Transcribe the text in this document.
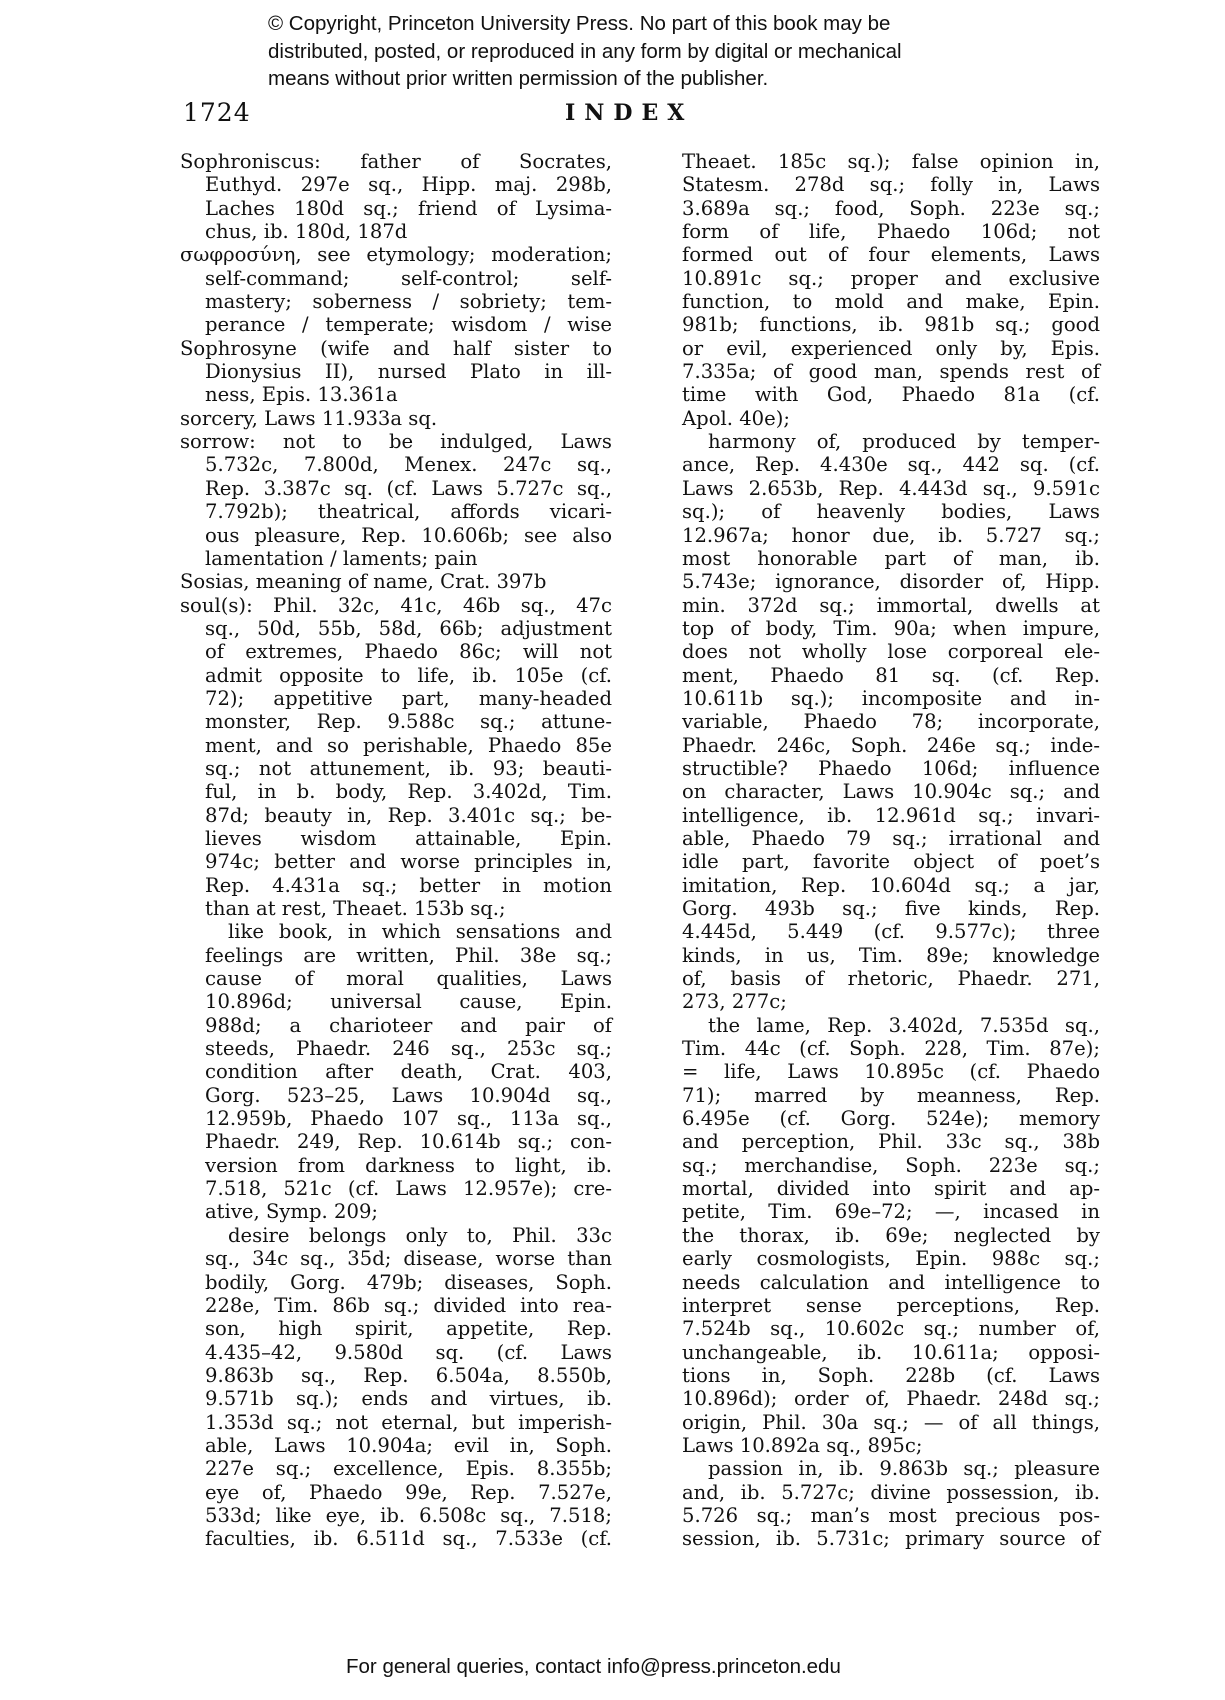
© Copyright, Princeton University Press. No part of this book may be
distributed, posted, or reproduced in any form by digital or mechanical
means without prior written permission of the publisher.
1724	INDEX
Sophroniscus: father of Socrates,
Euthyd. 297e sq., Hipp. maj. 298b,
Laches 180d sq.; friend of Lysima-
chus, ib. 180d, 187d
σωφροσύνη, see etymology; moderation;
self-command; self-control; self-
mastery; soberness / sobriety; tem-
perance / temperate; wisdom / wise
Sophrosyne (wife and half sister to
Dionysius II), nursed Plato in ill-
ness, Epis. 13.361a
sorcery, Laws 11.933a sq.
sorrow: not to be indulged, Laws
5.732c, 7.800d, Menex. 247c sq.,
Rep. 3.387c sq. (cf. Laws 5.727c sq.,
7.792b); theatrical, affords vicari-
ous pleasure, Rep. 10.606b; see also
lamentation / laments; pain
Sosias, meaning of name, Crat. 397b
soul(s): Phil. 32c, 41c, 46b sq., 47c
sq., 50d, 55b, 58d, 66b; adjustment
of extremes, Phaedo 86c; will not
admit opposite to life, ib. 105e (cf.
72); appetitive part, many-headed
monster, Rep. 9.588c sq.; attune-
ment, and so perishable, Phaedo 85e
sq.; not attunement, ib. 93; beauti-
ful, in b. body, Rep. 3.402d, Tim.
87d; beauty in, Rep. 3.401c sq.; be-
lieves wisdom attainable, Epin.
974c; better and worse principles in,
Rep. 4.431a sq.; better in motion
than at rest, Theaet. 153b sq.;
like book, in which sensations and
feelings are written, Phil. 38e sq.;
cause of moral qualities, Laws
10.896d; universal cause, Epin.
988d; a charioteer and pair of
steeds, Phaedr. 246 sq., 253c sq.;
condition after death, Crat. 403,
Gorg. 523–25, Laws 10.904d sq.,
12.959b, Phaedo 107 sq., 113a sq.,
Phaedr. 249, Rep. 10.614b sq.; con-
version from darkness to light, ib.
7.518, 521c (cf. Laws 12.957e); cre-
ative, Symp. 209;
desire belongs only to, Phil. 33c
sq., 34c sq., 35d; disease, worse than
bodily, Gorg. 479b; diseases, Soph.
228e, Tim. 86b sq.; divided into rea-
son, high spirit, appetite, Rep.
4.435–42, 9.580d sq. (cf. Laws
9.863b sq., Rep. 6.504a, 8.550b,
9.571b sq.); ends and virtues, ib.
1.353d sq.; not eternal, but imperish-
able, Laws 10.904a; evil in, Soph.
227e sq.; excellence, Epis. 8.355b;
eye of, Phaedo 99e, Rep. 7.527e,
533d; like eye, ib. 6.508c sq., 7.518;
faculties, ib. 6.511d sq., 7.533e (cf.
Theaet. 185c sq.); false opinion in,
Statesm. 278d sq.; folly in, Laws
3.689a sq.; food, Soph. 223e sq.;
form of life, Phaedo 106d; not
formed out of four elements, Laws
10.891c sq.; proper and exclusive
function, to mold and make, Epin.
981b; functions, ib. 981b sq.; good
or evil, experienced only by, Epis.
7.335a; of good man, spends rest of
time with God, Phaedo 81a (cf.
Apol. 40e);
harmony of, produced by temper-
ance, Rep. 4.430e sq., 442 sq. (cf.
Laws 2.653b, Rep. 4.443d sq., 9.591c
sq.); of heavenly bodies, Laws
12.967a; honor due, ib. 5.727 sq.;
most honorable part of man, ib.
5.743e; ignorance, disorder of, Hipp.
min. 372d sq.; immortal, dwells at
top of body, Tim. 90a; when impure,
does not wholly lose corporeal ele-
ment, Phaedo 81 sq. (cf. Rep.
10.611b sq.); incomposite and in-
variable, Phaedo 78; incorporate,
Phaedr. 246c, Soph. 246e sq.; inde-
structible? Phaedo 106d; influence
on character, Laws 10.904c sq.; and
intelligence, ib. 12.961d sq.; invari-
able, Phaedo 79 sq.; irrational and
idle part, favorite object of poet’s
imitation, Rep. 10.604d sq.; a jar,
Gorg. 493b sq.; five kinds, Rep.
4.445d, 5.449 (cf. 9.577c); three
kinds, in us, Tim. 89e; knowledge
of, basis of rhetoric, Phaedr. 271,
273, 277c;
the lame, Rep. 3.402d, 7.535d sq.,
Tim. 44c (cf. Soph. 228, Tim. 87e);
= life, Laws 10.895c (cf. Phaedo
71); marred by meanness, Rep.
6.495e (cf. Gorg. 524e); memory
and perception, Phil. 33c sq., 38b
sq.; merchandise, Soph. 223e sq.;
mortal, divided into spirit and ap-
petite, Tim. 69e–72; —, incased in
the thorax, ib. 69e; neglected by
early cosmologists, Epin. 988c sq.;
needs calculation and intelligence to
interpret sense perceptions, Rep.
7.524b sq., 10.602c sq.; number of,
unchangeable, ib. 10.611a; opposi-
tions in, Soph. 228b (cf. Laws
10.896d); order of, Phaedr. 248d sq.;
origin, Phil. 30a sq.; — of all things,
Laws 10.892a sq., 895c;
passion in, ib. 9.863b sq.; pleasure
and, ib. 5.727c; divine possession, ib.
5.726 sq.; man’s most precious pos-
session, ib. 5.731c; primary source of
For general queries, contact info@press.princeton.edu
